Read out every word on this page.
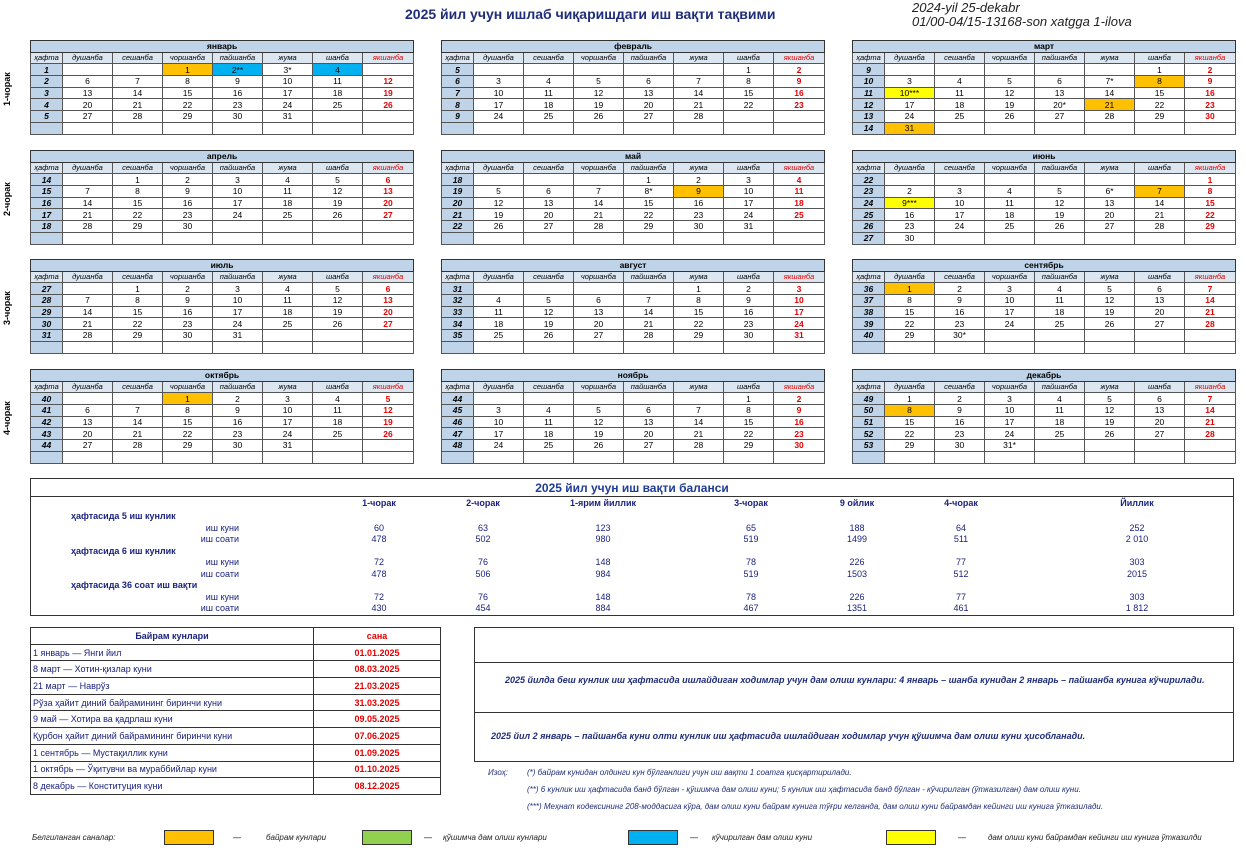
2025 йил учун ишлаб чиқаришдаги иш вақти тақвими	2024-yil 25-dekabr
01/00-04/15-13168-son xatgga 1-ilova
1-чорак
2-чорак
3-чорак
4-чорак
январь							
ҳафта	душанба	сешанба	чоршанба	пайшанба	жума	шанба	якшанба
1			1	2**	3*	4	
2	6	7	8	9	10	11	12
3	13	14	15	16	17	18	19
4	20	21	22	23	24	25	26
5	27	28	29	30	31		

февраль							
ҳафта	душанба	сешанба	чоршанба	пайшанба	жума	шанба	якшанба
5						1	2
6	3	4	5	6	7	8	9
7	10	11	12	13	14	15	16
8	17	18	19	20	21	22	23
9	24	25	26	27	28		

март							
ҳафта	душанба	сешанба	чоршанба	пайшанба	жума	шанба	якшанба
9						1	2
10	3	4	5	6	7*	8	9
11	10***	11	12	13	14	15	16
12	17	18	19	20*	21	22	23
13	24	25	26	27	28	29	30
14	31						
апрель							
ҳафта	душанба	сешанба	чоршанба	пайшанба	жума	шанба	якшанба
14		1	2	3	4	5	6
15	7	8	9	10	11	12	13
16	14	15	16	17	18	19	20
17	21	22	23	24	25	26	27
18	28	29	30				

май							
ҳафта	душанба	сешанба	чоршанба	пайшанба	жума	шанба	якшанба
18				1	2	3	4
19	5	6	7	8*	9	10	11
20	12	13	14	15	16	17	18
21	19	20	21	22	23	24	25
22	26	27	28	29	30	31	

июнь							
ҳафта	душанба	сешанба	чоршанба	пайшанба	жума	шанба	якшанба
22							1
23	2	3	4	5	6*	7	8
24	9***	10	11	12	13	14	15
25	16	17	18	19	20	21	22
26	23	24	25	26	27	28	29
27	30						
июль							
ҳафта	душанба	сешанба	чоршанба	пайшанба	жума	шанба	якшанба
27		1	2	3	4	5	6
28	7	8	9	10	11	12	13
29	14	15	16	17	18	19	20
30	21	22	23	24	25	26	27
31	28	29	30	31			

август							
ҳафта	душанба	сешанба	чоршанба	пайшанба	жума	шанба	якшанба
31					1	2	3
32	4	5	6	7	8	9	10
33	11	12	13	14	15	16	17
34	18	19	20	21	22	23	24
35	25	26	27	28	29	30	31

сентябрь							
ҳафта	душанба	сешанба	чоршанба	пайшанба	жума	шанба	якшанба
36	1	2	3	4	5	6	7
37	8	9	10	11	12	13	14
38	15	16	17	18	19	20	21
39	22	23	24	25	26	27	28
40	29	30*					

октябрь							
ҳафта	душанба	сешанба	чоршанба	пайшанба	жума	шанба	якшанба
40			1	2	3	4	5
41	6	7	8	9	10	11	12
42	13	14	15	16	17	18	19
43	20	21	22	23	24	25	26
44	27	28	29	30	31		

ноябрь							
ҳафта	душанба	сешанба	чоршанба	пайшанба	жума	шанба	якшанба
44						1	2
45	3	4	5	6	7	8	9
46	10	11	12	13	14	15	16
47	17	18	19	20	21	22	23
48	24	25	26	27	28	29	30

декабрь							
ҳафта	душанба	сешанба	чоршанба	пайшанба	жума	шанба	якшанба
49	1	2	3	4	5	6	7
50	8	9	10	11	12	13	14
51	15	16	17	18	19	20	21
52	22	23	24	25	26	27	28
53	29	30	31*				

2025 йил учун иш вақти баланси
1-чорак	2-чорак	1-ярим йиллик	3-чорак	9 ойлик	4-чорак	Йиллик
ҳафтасида 5 иш кунлик
иш куни	60	63	123	65	188	64	252
иш соати	478	502	980	519	1499	511	2 010
ҳафтасида 6 иш кунлик
иш куни	72	76	148	78	226	77	303
иш соати	478	506	984	519	1503	512	2015
ҳафтасида 36 соат иш вақти
иш куни	72	76	148	78	226	77	303
иш соати	430	454	884	467	1351	461	1 812
Байрам кунлари	сана
1 январь — Янги йил	01.01.2025
8 март — Хотин-қизлар куни	08.03.2025
21 март — Наврўз	21.03.2025
Рўза ҳайит диний байрамининг биринчи куни	31.03.2025
9 май — Хотира ва қадрлаш куни	09.05.2025
Қурбон ҳайит диний байрамининг биринчи куни	07.06.2025
1 сентябрь — Мустақиллик куни	01.09.2025
1 октябрь — Ўқитувчи ва мураббийлар куни	01.10.2025
8 декабрь — Конституция куни	08.12.2025
2025 йилда беш кунлик иш ҳафтасида ишлайдиган ходимлар учун дам олиш кунлари: 4 январь – шанба кунидан 2 январь – пайшанба кунига кўчирилади.
2025 йил 2 январь – пайшанба куни олти кунлик иш ҳафтасида ишлайдиган ходимлар учун қўшимча дам олиш куни ҳисобланади.
Изоҳ: (*) байрам кунидан олдинги кун бўлганлиги учун иш вақти 1 соатга қисқартирилади.
(**) 6 кунлик иш ҳафтасида банд бўлган - қўшимча дам олиш куни; 5 кунлик иш ҳафтасида банд бўлган - кўчирилган (ўтказилган) дам олиш куни.
(***) Меҳнат кодексининг 208-моддасига кўра, дам олиш куни байрам кунига тўғри келганда, дам олиш куни байрамдан кейинги иш кунига ўтказилади.
Белгиланган саналар:	—	байрам кунлари	— қўшимча дам олиш кунлари	— кўчирилган дам олиш куни	—	дам олиш куни байрамдан кейинги иш кунига ўтказилди
